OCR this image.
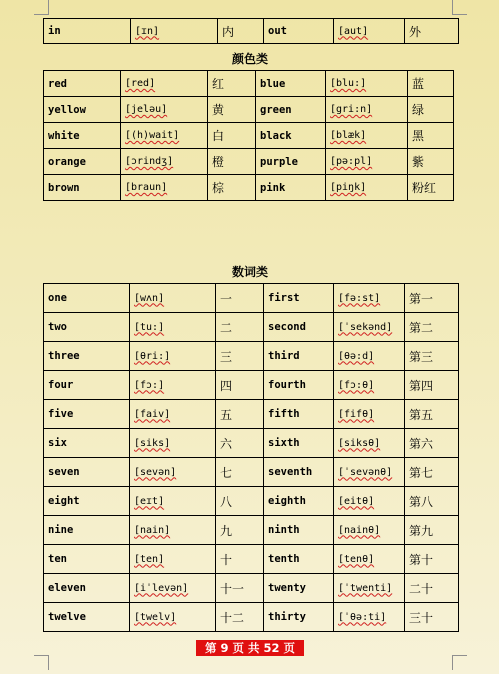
in	[ɪn]	内	out	[aut]	外
颜色类
red	[red]	红	blue	[blu:]	蓝
yellow	[jeləu]	黄	green	[gri:n]	绿
white	[(h)wait]	白	black	[blæk]	黑
orange	[ɔrindʒ]	橙	purple	[pə:pl]	紫
brown	[braun]	棕	pink	[piŋk]	粉红
数词类
one	[wʌn]	一	first	[fə:st]	第一
two	[tu:]	二	second	[ˈsekənd]	第二
three	[θri:]	三	third	[θə:d]	第三
four	[fɔ:]	四	fourth	[fɔ:θ]	第四
five	[faiv]	五	fifth	[fifθ]	第五
six	[siks]	六	sixth	[siksθ]	第六
seven	[sevən]	七	seventh	[ˈsevənθ]	第七
eight	[eɪt]	八	eighth	[eitθ]	第八
nine	[nain]	九	ninth	[nainθ]	第九
ten	[ten]	十	tenth	[tenθ]	第十
eleven	[iˈlevən]	十一	twenty	[ˈtwenti]	二十
twelve	[twelv]	十二	thirty	[ˈθə:ti]	三十
第 9 页 共 52 页
